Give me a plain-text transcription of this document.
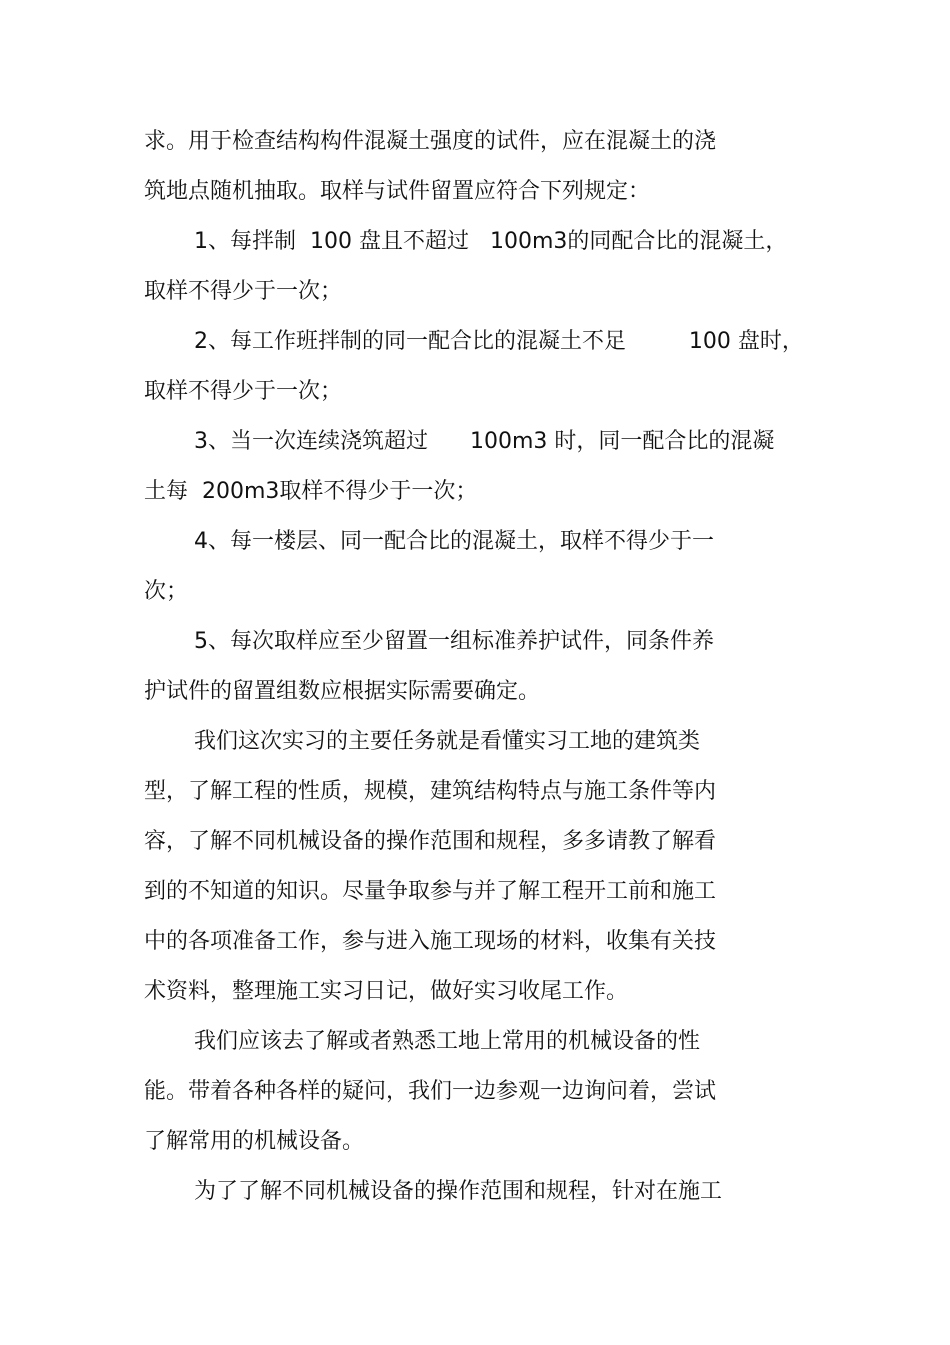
求。用于检查结构构件混凝土强度的试件，应在混凝土的浇
筑地点随机抽取。取样与试件留置应符合下列规定：
1、每拌制  100 盘且不超过   100m3的同配合比的混凝土，
取样不得少于一次；
2、每工作班拌制的同一配合比的混凝土不足         100 盘时，
取样不得少于一次；
3、当一次连续浇筑超过      100m3 时，同一配合比的混凝
土每  200m3取样不得少于一次；
4、每一楼层、同一配合比的混凝土，取样不得少于一
次；
5、每次取样应至少留置一组标准养护试件，同条件养
护试件的留置组数应根据实际需要确定。
我们这次实习的主要任务就是看懂实习工地的建筑类
型，了解工程的性质，规模，建筑结构特点与施工条件等内
容，了解不同机械设备的操作范围和规程，多多请教了解看
到的不知道的知识。尽量争取参与并了解工程开工前和施工
中的各项准备工作，参与进入施工现场的材料，收集有关技
术资料，整理施工实习日记，做好实习收尾工作。
我们应该去了解或者熟悉工地上常用的机械设备的性
能。带着各种各样的疑问，我们一边参观一边询问着，尝试
了解常用的机械设备。
为了了解不同机械设备的操作范围和规程，针对在施工
